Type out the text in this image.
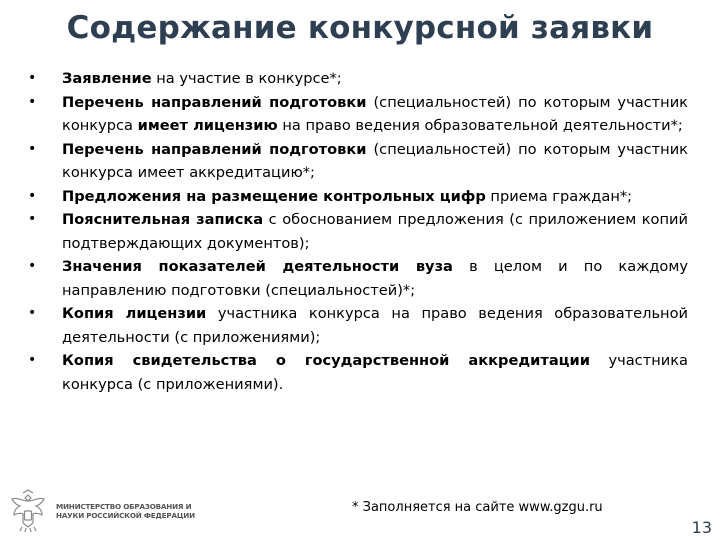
Содержание конкурсной заявки
• Заявление на участие в конкурсе*;
• Перечень направлений подготовки (специальностей) по которым участник конкурса имеет лицензию на право ведения образовательной деятельности*;
• Перечень направлений подготовки (специальностей) по которым участник конкурса имеет аккредитацию*;
• Предложения на размещение контрольных цифр приема граждан*;
• Пояснительная записка с обоснованием предложения (с приложением копий подтверждающих документов);
• Значения показателей деятельности вуза в целом и по каждому направлению подготовки (специальностей)*;
• Копия лицензии участника конкурса на право ведения образовательной деятельности (с приложениями);
• Копия свидетельства о государственной аккредитации участника конкурса (с приложениями).
МИНИСТЕРСТВО ОБРАЗОВАНИЯ И НАУКИ РОССИЙСКОЙ ФЕДЕРАЦИИ
* Заполняется на сайте www.gzgu.ru
13
